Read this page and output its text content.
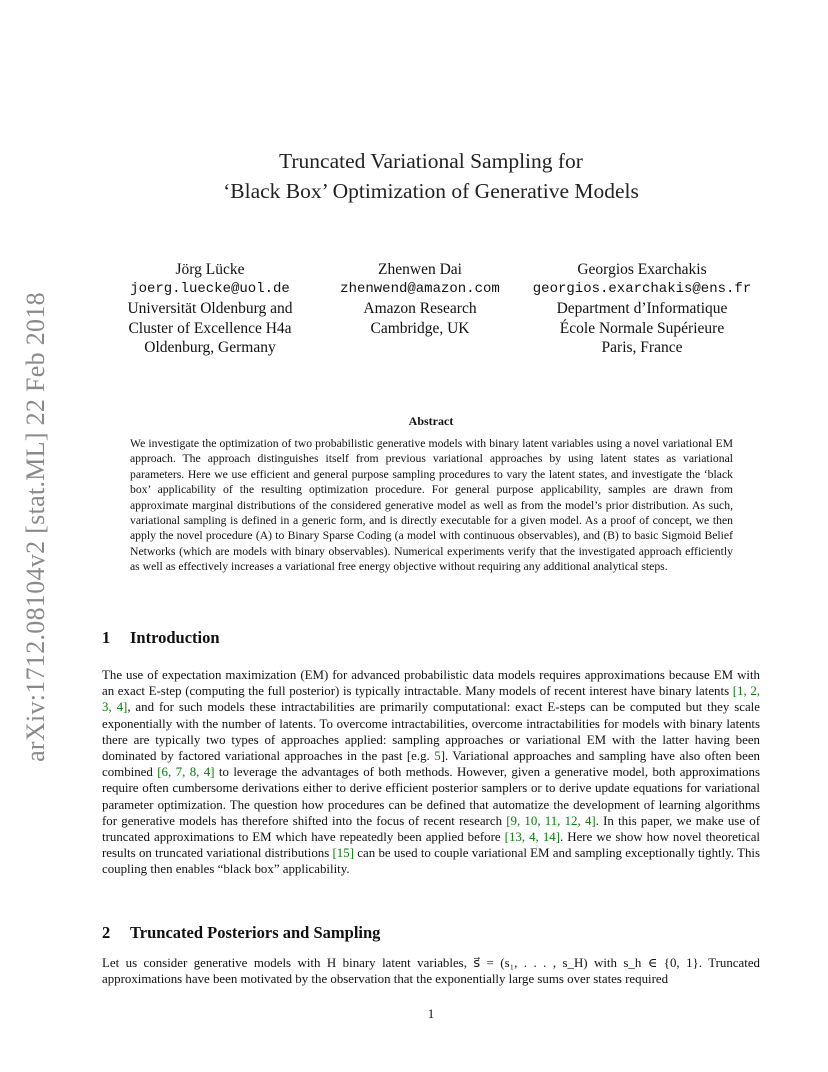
arXiv:1712.08104v2 [stat.ML] 22 Feb 2018
Truncated Variational Sampling for
‘Black Box’ Optimization of Generative Models
Jörg Lücke
joerg.luecke@uol.de
Universität Oldenburg and
Cluster of Excellence H4a
Oldenburg, Germany
Zhenwen Dai
zhenwend@amazon.com
Amazon Research
Cambridge, UK
Georgios Exarchakis
georgios.exarchakis@ens.fr
Department d’Informatique
École Normale Supérieure
Paris, France
Abstract
We investigate the optimization of two probabilistic generative models with binary latent variables using a novel variational EM approach. The approach distinguishes itself from previous variational approaches by using latent states as variational parameters. Here we use efficient and general purpose sampling procedures to vary the latent states, and investigate the ‘black box’ applicability of the resulting optimization procedure. For general purpose applicability, samples are drawn from approximate marginal distributions of the considered generative model as well as from the model’s prior distribution. As such, variational sampling is defined in a generic form, and is directly executable for a given model. As a proof of concept, we then apply the novel procedure (A) to Binary Sparse Coding (a model with continuous observables), and (B) to basic Sigmoid Belief Networks (which are models with binary observables). Numerical experiments verify that the investigated approach efficiently as well as effectively increases a variational free energy objective without requiring any additional analytical steps.
1 Introduction
The use of expectation maximization (EM) for advanced probabilistic data models requires approximations because EM with an exact E-step (computing the full posterior) is typically intractable. Many models of recent interest have binary latents [1, 2, 3, 4], and for such models these intractabilities are primarily computational: exact E-steps can be computed but they scale exponentially with the number of latents. To overcome intractabilities, overcome intractabilities for models with binary latents there are typically two types of approaches applied: sampling approaches or variational EM with the latter having been dominated by factored variational approaches in the past [e.g. 5]. Variational approaches and sampling have also often been combined [6, 7, 8, 4] to leverage the advantages of both methods. However, given a generative model, both approximations require often cumbersome derivations either to derive efficient posterior samplers or to derive update equations for variational parameter optimization. The question how procedures can be defined that automatize the development of learning algorithms for generative models has therefore shifted into the focus of recent research [9, 10, 11, 12, 4]. In this paper, we make use of truncated approximations to EM which have repeatedly been applied before [13, 4, 14]. Here we show how novel theoretical results on truncated variational distributions [15] can be used to couple variational EM and sampling exceptionally tightly. This coupling then enables “black box” applicability.
2 Truncated Posteriors and Sampling
Let us consider generative models with H binary latent variables, s⃗ = (s₁, . . . , s_H) with s_h ∈ {0, 1}. Truncated approximations have been motivated by the observation that the exponentially large sums over states required
1
